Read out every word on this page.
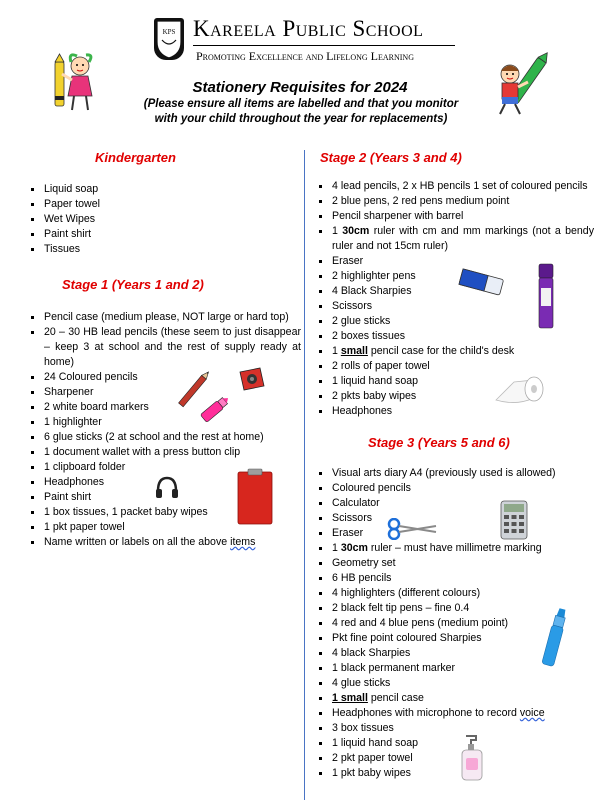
KPS Kareela Public School
Promoting Excellence and Lifelong Learning
Stationery Requisites for 2024
(Please ensure all items are labelled and that you monitor
with your child throughout the year for replacements)
Kindergarten
Liquid soap
Paper towel
Wet Wipes
Paint shirt
Tissues
Stage 1 (Years 1 and 2)
Pencil case (medium please, NOT large or hard top)
20 – 30 HB lead pencils (these seem to just disappear – keep 3 at school and the rest of supply ready at home)
24 Coloured pencils
Sharpener
2 white board markers
1 highlighter
6 glue sticks (2 at school and the rest at home)
1 document wallet with a press button clip
1 clipboard folder
Headphones
Paint shirt
1 box tissues, 1 packet baby wipes
1 pkt paper towel
Name written or labels on all the above items
Stage 2 (Years 3 and 4)
4 lead pencils, 2 x HB pencils 1 set of coloured pencils
2 blue pens, 2 red pens medium point
Pencil sharpener with barrel
1 30cm ruler with cm and mm markings (not a bendy ruler and not 15cm ruler)
Eraser
2 highlighter pens
4 Black Sharpies
Scissors
2 glue sticks
2 boxes tissues
1 small pencil case for the child's desk
2 rolls of paper towel
1 liquid hand soap
2 pkts baby wipes
Headphones
Stage 3 (Years 5 and 6)
Visual arts diary A4 (previously used is allowed)
Coloured pencils
Calculator
Scissors
Eraser
1 30cm ruler – must have millimetre marking
Geometry set
6 HB pencils
4 highlighters (different colours)
2 black felt tip pens – fine 0.4
4 red and 4 blue pens (medium point)
Pkt fine point coloured Sharpies
4 black Sharpies
1 black permanent marker
4 glue sticks
1 small pencil case
Headphones with microphone to record voice
3 box tissues
1 liquid hand soap
2 pkt paper towel
1 pkt baby wipes
